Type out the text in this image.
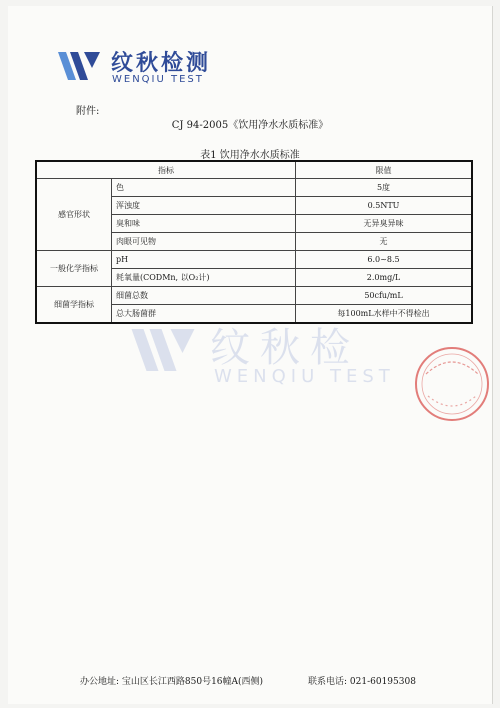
纹秋检测
WENQIU TEST
附件:
CJ 94-2005《饮用净水水质标准》
表1 饮用净水水质标准
指标		限值
感官形状	色	5度
	浑浊度	0.5NTU
	臭和味	无异臭异味
	肉眼可见物	无
一般化学指标	pH	6.0~8.5
	耗氧量(CODMn, 以O₂计)	2.0mg/L
细菌学指标	细菌总数	50cfu/mL
	总大肠菌群	每100mL水样中不得检出
纹秋检
WENQIU TEST
办公地址: 宝山区长江西路850号16幢A(西侧)	联系电话: 021-60195308
